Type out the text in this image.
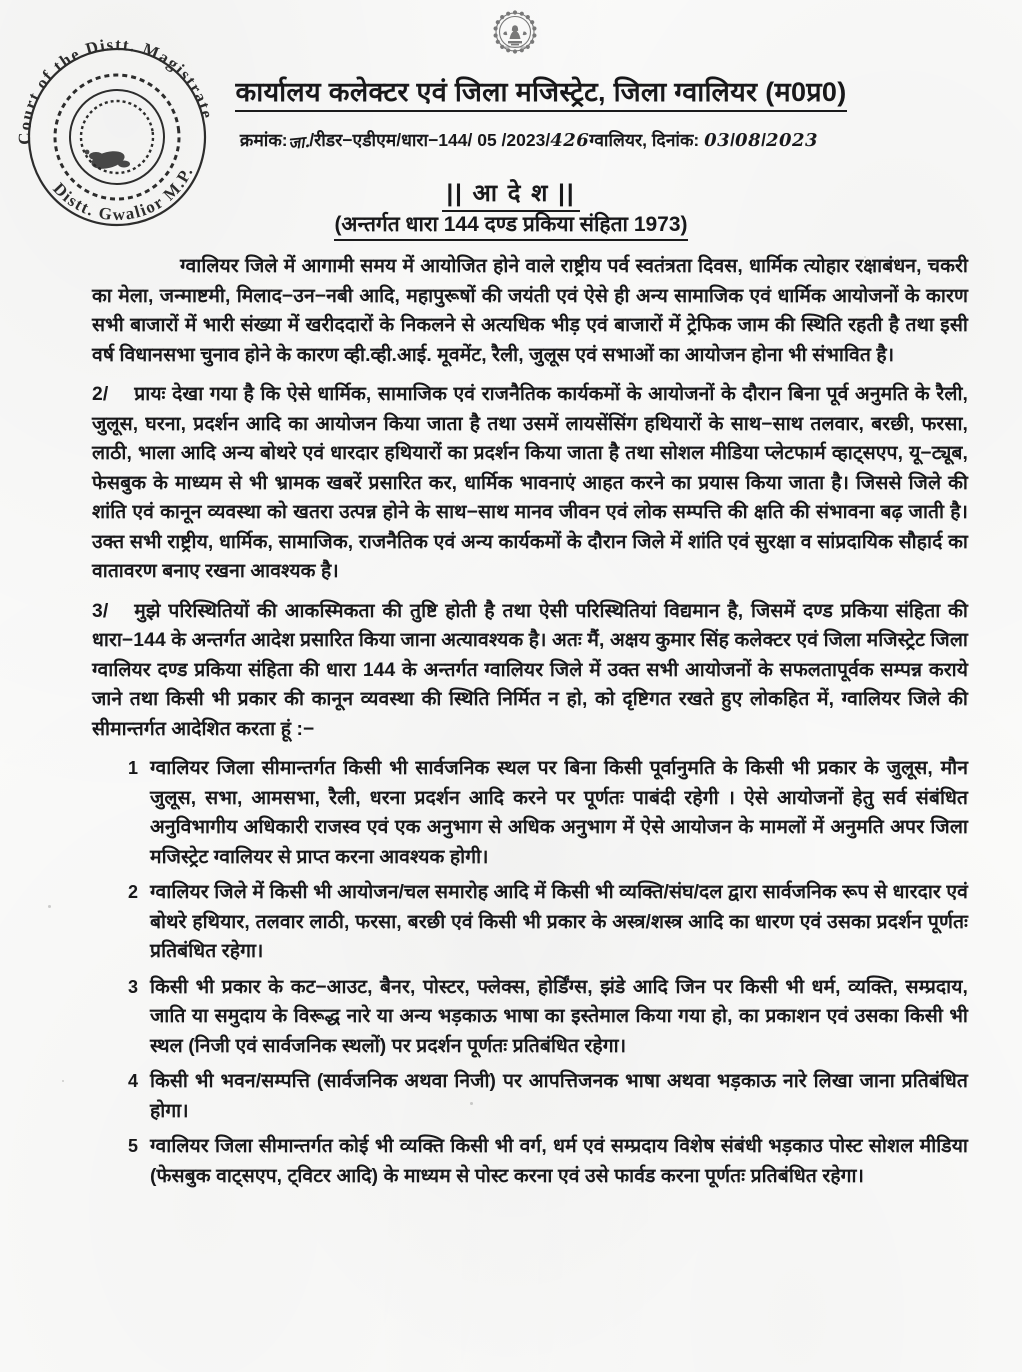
Court of the Distt. Magistrate
Distt. Gwalior M.P.
कार्यालय कलेक्टर एवं जिला मजिस्ट्रेट, जिला ग्वालियर (म0प्र0)
क्रमांक:जा./रीडर−एडीएम/धारा−144/ 05 /2023/426ग्वालियर, दिनांक: 03/08/2023
|| आ दे श ||
(अन्तर्गत धारा 144 दण्ड प्रकिया संहिता 1973)

ग्वालियर जिले में आगामी समय में आयोजित होने वाले राष्ट्रीय पर्व स्वतंत्रता दिवस, धार्मिक त्योहार रक्षाबंधन, चकरी का मेला, जन्माष्टमी, मिलाद−उन−नबी आदि, महापुरूषों की जयंती एवं ऐसे ही अन्य सामाजिक एवं धार्मिक आयोजनों के कारण सभी बाजारों में भारी संख्या में खरीददारों के निकलने से अत्यधिक भीड़ एवं बाजारों में ट्रेफिक जाम की स्थिति रहती है तथा इसी वर्ष विधानसभा चुनाव होने के कारण व्ही.व्ही.आई. मूवमेंट, रैली, जुलूस एवं सभाओं का आयोजन होना भी संभावित है।

2/ प्रायः देखा गया है कि ऐसे धार्मिक, सामाजिक एवं राजनैतिक कार्यकमों के आयोजनों के दौरान बिना पूर्व अनुमति के रैली, जुलूस, घरना, प्रदर्शन आदि का आयोजन किया जाता है तथा उसमें लायसेंसिंग हथियारों के साथ−साथ तलवार, बरछी, फरसा, लाठी, भाला आदि अन्य बोथरे एवं धारदार हथियारों का प्रदर्शन किया जाता है तथा सोशल मीडिया प्लेटफार्म व्हाट्सएप, यू−ट्यूब, फेसबुक के माध्यम से भी भ्रामक खबरें प्रसारित कर, धार्मिक भावनाएं आहत करने का प्रयास किया जाता है। जिससे जिले की शांति एवं कानून व्यवस्था को खतरा उत्पन्न होने के साथ−साथ मानव जीवन एवं लोक सम्पत्ति की क्षति की संभावना बढ़ जाती है। उक्त सभी राष्ट्रीय, धार्मिक, सामाजिक, राजनैतिक एवं अन्य कार्यकमों के दौरान जिले में शांति एवं सुरक्षा व सांप्रदायिक सौहार्द का वातावरण बनाए रखना आवश्यक है।

3/ मुझे परिस्थितियों की आकस्मिकता की तुष्टि होती है तथा ऐसी परिस्थितियां विद्यमान है, जिसमें दण्ड प्रकिया संहिता की धारा−144 के अन्तर्गत आदेश प्रसारित किया जाना अत्यावश्यक है। अतः मैं, अक्षय कुमार सिंह कलेक्टर एवं जिला मजिस्ट्रेट जिला ग्वालियर दण्ड प्रकिया संहिता की धारा 144 के अन्तर्गत ग्वालियर जिले में उक्त सभी आयोजनों के सफलतापूर्वक सम्पन्न कराये जाने तथा किसी भी प्रकार की कानून व्यवस्था की स्थिति निर्मित न हो, को दृष्टिगत रखते हुए लोकहित में, ग्वालियर जिले की सीमान्तर्गत आदेशित करता हूं :−

1 ग्वालियर जिला सीमान्तर्गत किसी भी सार्वजनिक स्थल पर बिना किसी पूर्वानुमति के किसी भी प्रकार के जुलूस, मौन जुलूस, सभा, आमसभा, रैली, धरना प्रदर्शन आदि करने पर पूर्णतः पाबंदी रहेगी । ऐसे आयोजनों हेतु सर्व संबंधित अनुविभागीय अधिकारी राजस्व एवं एक अनुभाग से अधिक अनुभाग में ऐसे आयोजन के मामलों में अनुमति अपर जिला मजिस्ट्रेट ग्वालियर से प्राप्त करना आवश्यक होगी।
2 ग्वालियर जिले में किसी भी आयोजन/चल समारोह आदि में किसी भी व्यक्ति/संघ/दल द्वारा सार्वजनिक रूप से धारदार एवं बोथरे हथियार, तलवार लाठी, फरसा, बरछी एवं किसी भी प्रकार के अस्त्र/शस्त्र आदि का धारण एवं उसका प्रदर्शन पूर्णतः प्रतिबंधित रहेगा।
3 किसी भी प्रकार के कट−आउट, बैनर, पोस्टर, फ्लेक्स, होर्डिंग्स, झंडे आदि जिन पर किसी भी धर्म, व्यक्ति, सम्प्रदाय, जाति या समुदाय के विरूद्ध नारे या अन्य भड़काऊ भाषा का इस्तेमाल किया गया हो, का प्रकाशन एवं उसका किसी भी स्थल (निजी एवं सार्वजनिक स्थलों) पर प्रदर्शन पूर्णतः प्रतिबंधित रहेगा।
4 किसी भी भवन/सम्पत्ति (सार्वजनिक अथवा निजी) पर आपत्तिजनक भाषा अथवा भड़काऊ नारे लिखा जाना प्रतिबंधित होगा।
5 ग्वालियर जिला सीमान्तर्गत कोई भी व्यक्ति किसी भी वर्ग, धर्म एवं सम्प्रदाय विशेष संबंधी भड़काउ पोस्ट सोशल मीडिया (फेसबुक वाट्सएप, ट्विटर आदि) के माध्यम से पोस्ट करना एवं उसे फार्वड करना पूर्णतः प्रतिबंधित रहेगा।
